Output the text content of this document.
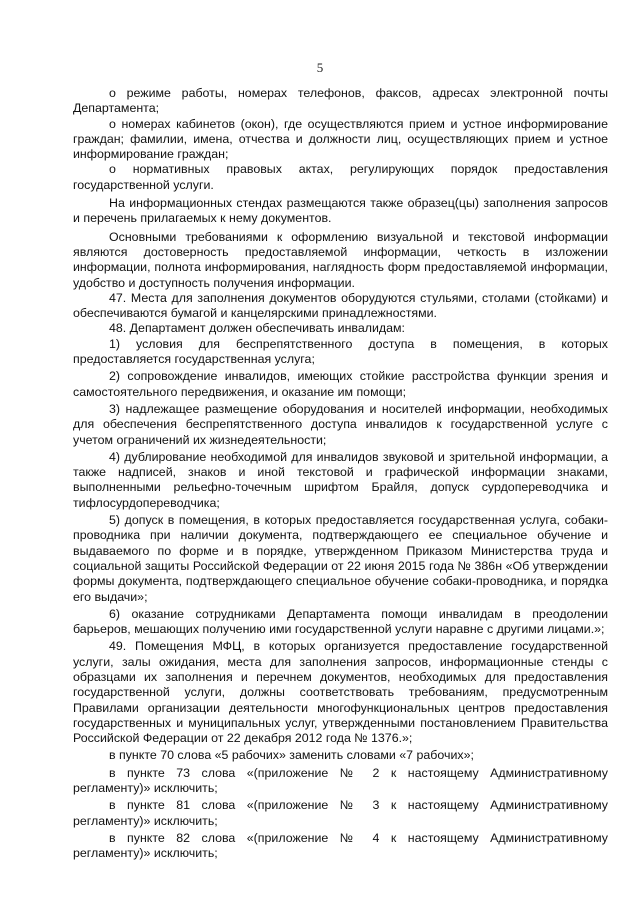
5

о режиме работы, номерах телефонов, факсов, адресах электронной почты Департамента;

о номерах кабинетов (окон), где осуществляются прием и устное информирование граждан; фамилии, имена, отчества и должности лиц, осуществляющих прием и устное информирование граждан;

о нормативных правовых актах, регулирующих порядок предоставления государственной услуги.

На информационных стендах размещаются также образец(цы) заполнения запросов и перечень прилагаемых к нему документов.

Основными требованиями к оформлению визуальной и текстовой информации являются достоверность предоставляемой информации, четкость в изложении информации, полнота информирования, наглядность форм предоставляемой информации, удобство и доступность получения информации.

47. Места для заполнения документов оборудуются стульями, столами (стойками) и обеспечиваются бумагой и канцелярскими принадлежностями.

48. Департамент должен обеспечивать инвалидам:

1) условия для беспрепятственного доступа в помещения, в которых предоставляется государственная услуга;

2) сопровождение инвалидов, имеющих стойкие расстройства функции зрения и самостоятельного передвижения, и оказание им помощи;

3) надлежащее размещение оборудования и носителей информации, необходимых для обеспечения беспрепятственного доступа инвалидов к государственной услуге с учетом ограничений их жизнедеятельности;

4) дублирование необходимой для инвалидов звуковой и зрительной информации, а также надписей, знаков и иной текстовой и графической информации знаками, выполненными рельефно-точечным шрифтом Брайля, допуск сурдопереводчика и тифлосурдопереводчика;

5) допуск в помещения, в которых предоставляется государственная услуга, собаки-проводника при наличии документа, подтверждающего ее специальное обучение и выдаваемого по форме и в порядке, утвержденном Приказом Министерства труда и социальной защиты Российской Федерации от 22 июня 2015 года № 386н «Об утверждении формы документа, подтверждающего специальное обучение собаки-проводника, и порядка его выдачи»;

6) оказание сотрудниками Департамента помощи инвалидам в преодолении барьеров, мешающих получению ими государственной услуги наравне с другими лицами.»;

49. Помещения МФЦ, в которых организуется предоставление государственной услуги, залы ожидания, места для заполнения запросов, информационные стенды с образцами их заполнения и перечнем документов, необходимых для предоставления государственной услуги, должны соответствовать требованиям, предусмотренным Правилами организации деятельности многофункциональных центров предоставления государственных и муниципальных услуг, утвержденными постановлением Правительства Российской Федерации от 22 декабря 2012 года № 1376.»;

в пункте 70 слова «5 рабочих» заменить словами «7 рабочих»;

в пункте 73 слова «(приложение № 2 к настоящему Административному регламенту)» исключить;

в пункте 81 слова «(приложение № 3 к настоящему Административному регламенту)» исключить;

в пункте 82 слова «(приложение № 4 к настоящему Административному регламенту)» исключить;
